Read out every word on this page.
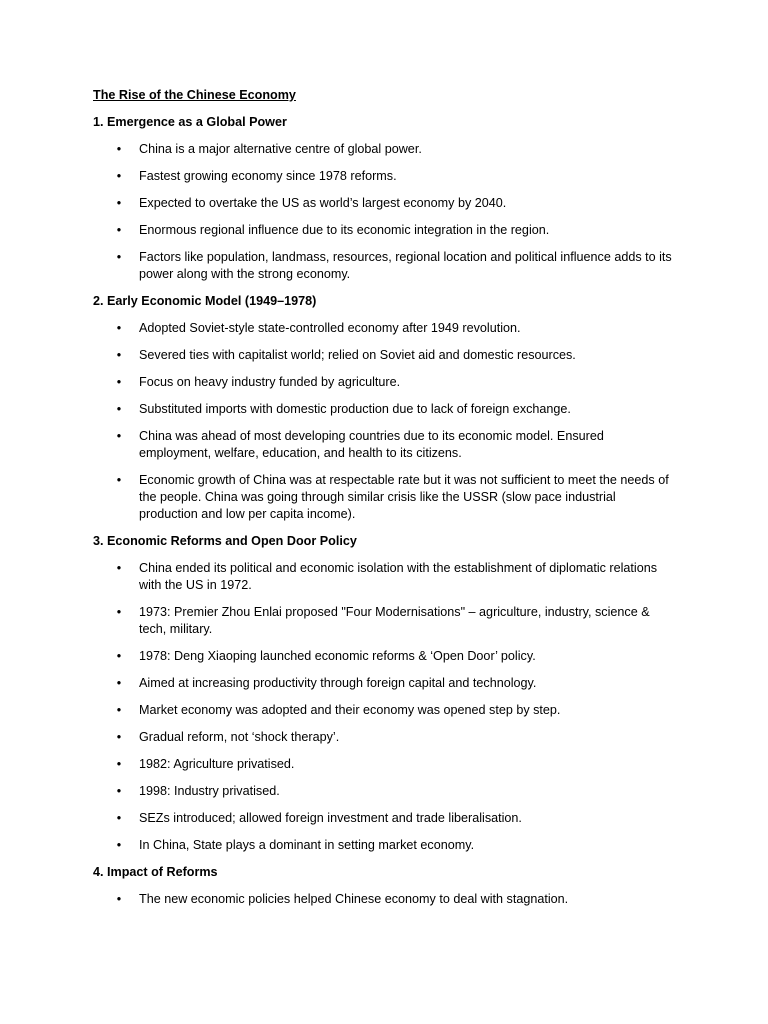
The Rise of the Chinese Economy
1. Emergence as a Global Power
• China is a major alternative centre of global power.
• Fastest growing economy since 1978 reforms.
• Expected to overtake the US as world’s largest economy by 2040.
• Enormous regional influence due to its economic integration in the region.
• Factors like population, landmass, resources, regional location and political influence adds to its power along with the strong economy.
2. Early Economic Model (1949–1978)
• Adopted Soviet-style state-controlled economy after 1949 revolution.
• Severed ties with capitalist world; relied on Soviet aid and domestic resources.
• Focus on heavy industry funded by agriculture.
• Substituted imports with domestic production due to lack of foreign exchange.
• China was ahead of most developing countries due to its economic model. Ensured employment, welfare, education, and health to its citizens.
• Economic growth of China was at respectable rate but it was not sufficient to meet the needs of the people. China was going through similar crisis like the USSR (slow pace industrial production and low per capita income).
3. Economic Reforms and Open Door Policy
• China ended its political and economic isolation with the establishment of diplomatic relations with the US in 1972.
• 1973: Premier Zhou Enlai proposed "Four Modernisations" – agriculture, industry, science & tech, military.
• 1978: Deng Xiaoping launched economic reforms & ‘Open Door’ policy.
• Aimed at increasing productivity through foreign capital and technology.
• Market economy was adopted and their economy was opened step by step.
• Gradual reform, not ‘shock therapy’.
• 1982: Agriculture privatised.
• 1998: Industry privatised.
• SEZs introduced; allowed foreign investment and trade liberalisation.
• In China, State plays a dominant in setting market economy.
4. Impact of Reforms
• The new economic policies helped Chinese economy to deal with stagnation.
